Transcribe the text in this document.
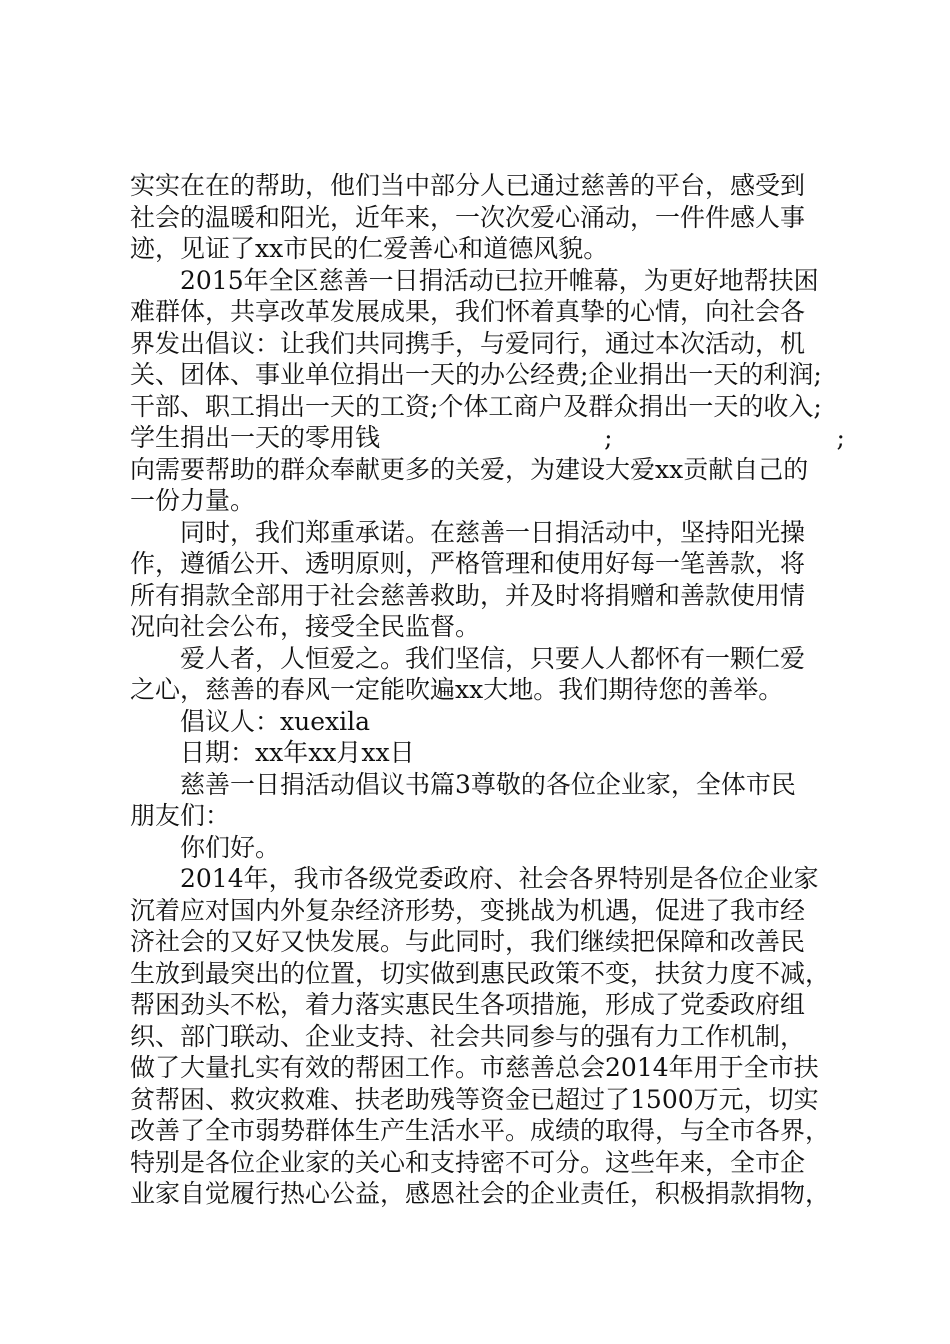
实实在在的帮助，他们当中部分人已通过慈善的平台，感受到
社会的温暖和阳光，近年来，一次次爱心涌动，一件件感人事
迹，见证了xx市民的仁爱善心和道德风貌。
2015年全区慈善一日捐活动已拉开帷幕，为更好地帮扶困
难群体，共享改革发展成果，我们怀着真挚的心情，向社会各
界发出倡议：让我们共同携手，与爱同行，通过本次活动，机
关、团体、事业单位捐出一天的办公经费;企业捐出一天的利润;
干部、职工捐出一天的工资;个体工商户及群众捐出一天的收入;
学生捐出一天的零用钱	;	;
向需要帮助的群众奉献更多的关爱，为建设大爱xx贡献自己的
一份力量。
同时，我们郑重承诺。在慈善一日捐活动中，坚持阳光操
作，遵循公开、透明原则，严格管理和使用好每一笔善款，将
所有捐款全部用于社会慈善救助，并及时将捐赠和善款使用情
况向社会公布，接受全民监督。
爱人者，人恒爱之。我们坚信，只要人人都怀有一颗仁爱
之心，慈善的春风一定能吹遍xx大地。我们期待您的善举。
倡议人：xuexila
日期：xx年xx月xx日
慈善一日捐活动倡议书篇3尊敬的各位企业家，全体市民
朋友们：
你们好。
2014年，我市各级党委政府、社会各界特别是各位企业家
沉着应对国内外复杂经济形势，变挑战为机遇，促进了我市经
济社会的又好又快发展。与此同时，我们继续把保障和改善民
生放到最突出的位置，切实做到惠民政策不变，扶贫力度不减，
帮困劲头不松，着力落实惠民生各项措施，形成了党委政府组
织、部门联动、企业支持、社会共同参与的强有力工作机制，
做了大量扎实有效的帮困工作。市慈善总会2014年用于全市扶
贫帮困、救灾救难、扶老助残等资金已超过了1500万元，切实
改善了全市弱势群体生产生活水平。成绩的取得，与全市各界，
特别是各位企业家的关心和支持密不可分。这些年来，全市企
业家自觉履行热心公益，感恩社会的企业责任，积极捐款捐物，
